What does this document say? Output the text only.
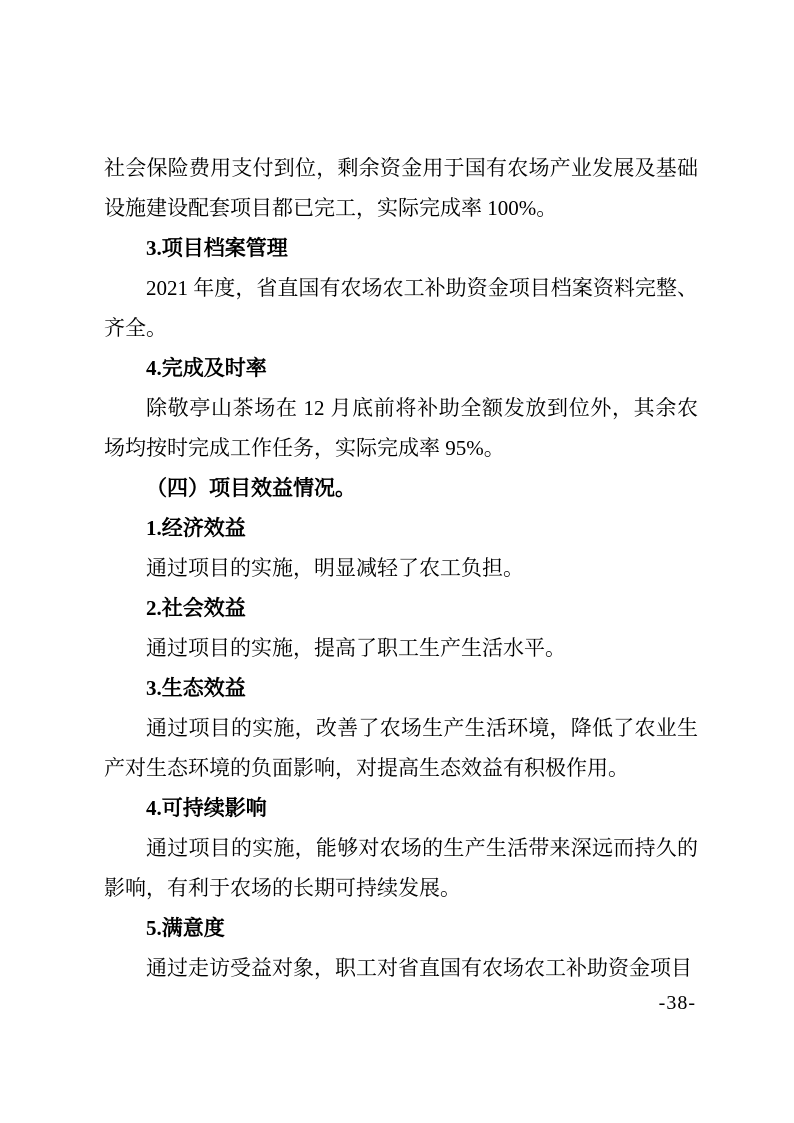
社会保险费用支付到位，剩余资金用于国有农场产业发展及基础设施建设配套项目都已完工，实际完成率 100%。

3.项目档案管理

2021 年度，省直国有农场农工补助资金项目档案资料完整、齐全。

4.完成及时率

除敬亭山茶场在 12 月底前将补助全额发放到位外，其余农场均按时完成工作任务，实际完成率 95%。

（四）项目效益情况。

1.经济效益

通过项目的实施，明显减轻了农工负担。

2.社会效益

通过项目的实施，提高了职工生产生活水平。

3.生态效益

通过项目的实施，改善了农场生产生活环境，降低了农业生产对生态环境的负面影响，对提高生态效益有积极作用。

4.可持续影响

通过项目的实施，能够对农场的生产生活带来深远而持久的影响，有利于农场的长期可持续发展。

5.满意度

通过走访受益对象，职工对省直国有农场农工补助资金项目

-38-
